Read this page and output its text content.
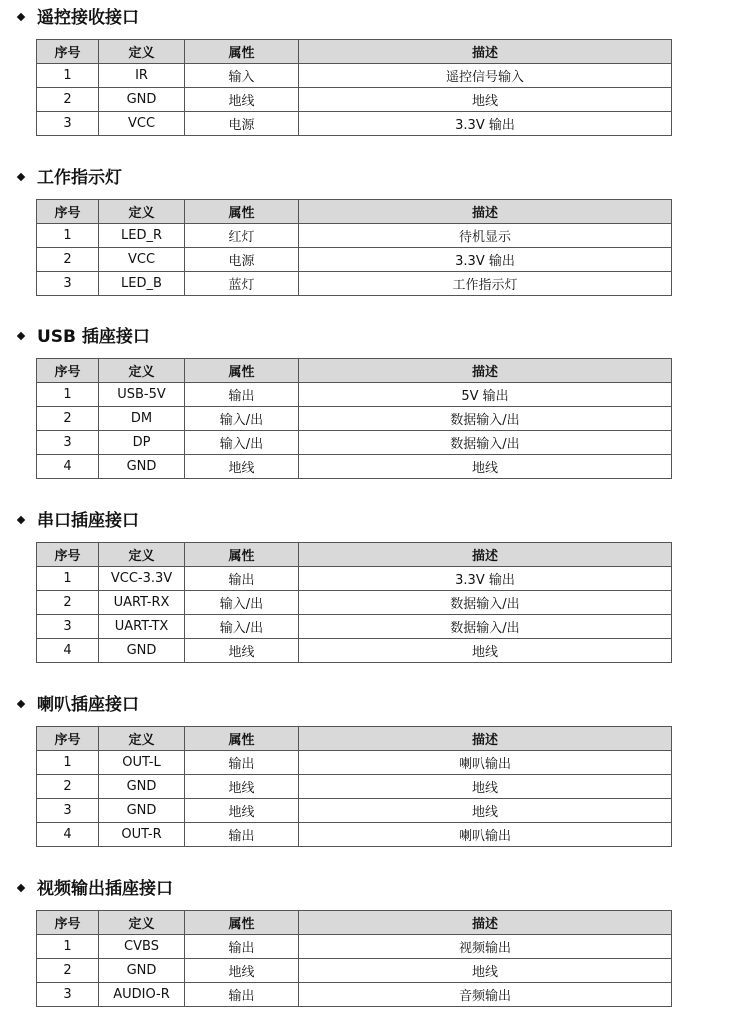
遥控接收接口
序号	定义	属性	描述
1	IR	输入	遥控信号输入
2	GND	地线	地线
3	VCC	电源	3.3V 输出
工作指示灯
序号	定义	属性	描述
1	LED_R	红灯	待机显示
2	VCC	电源	3.3V 输出
3	LED_B	蓝灯	工作指示灯
USB 插座接口
序号	定义	属性	描述
1	USB-5V	输出	5V 输出
2	DM	输入/出	数据输入/出
3	DP	输入/出	数据输入/出
4	GND	地线	地线
串口插座接口
序号	定义	属性	描述
1	VCC-3.3V	输出	3.3V 输出
2	UART-RX	输入/出	数据输入/出
3	UART-TX	输入/出	数据输入/出
4	GND	地线	地线
喇叭插座接口
序号	定义	属性	描述
1	OUT-L	输出	喇叭输出
2	GND	地线	地线
3	GND	地线	地线
4	OUT-R	输出	喇叭输出
视频输出插座接口
序号	定义	属性	描述
1	CVBS	输出	视频输出
2	GND	地线	地线
3	AUDIO-R	输出	音频输出
